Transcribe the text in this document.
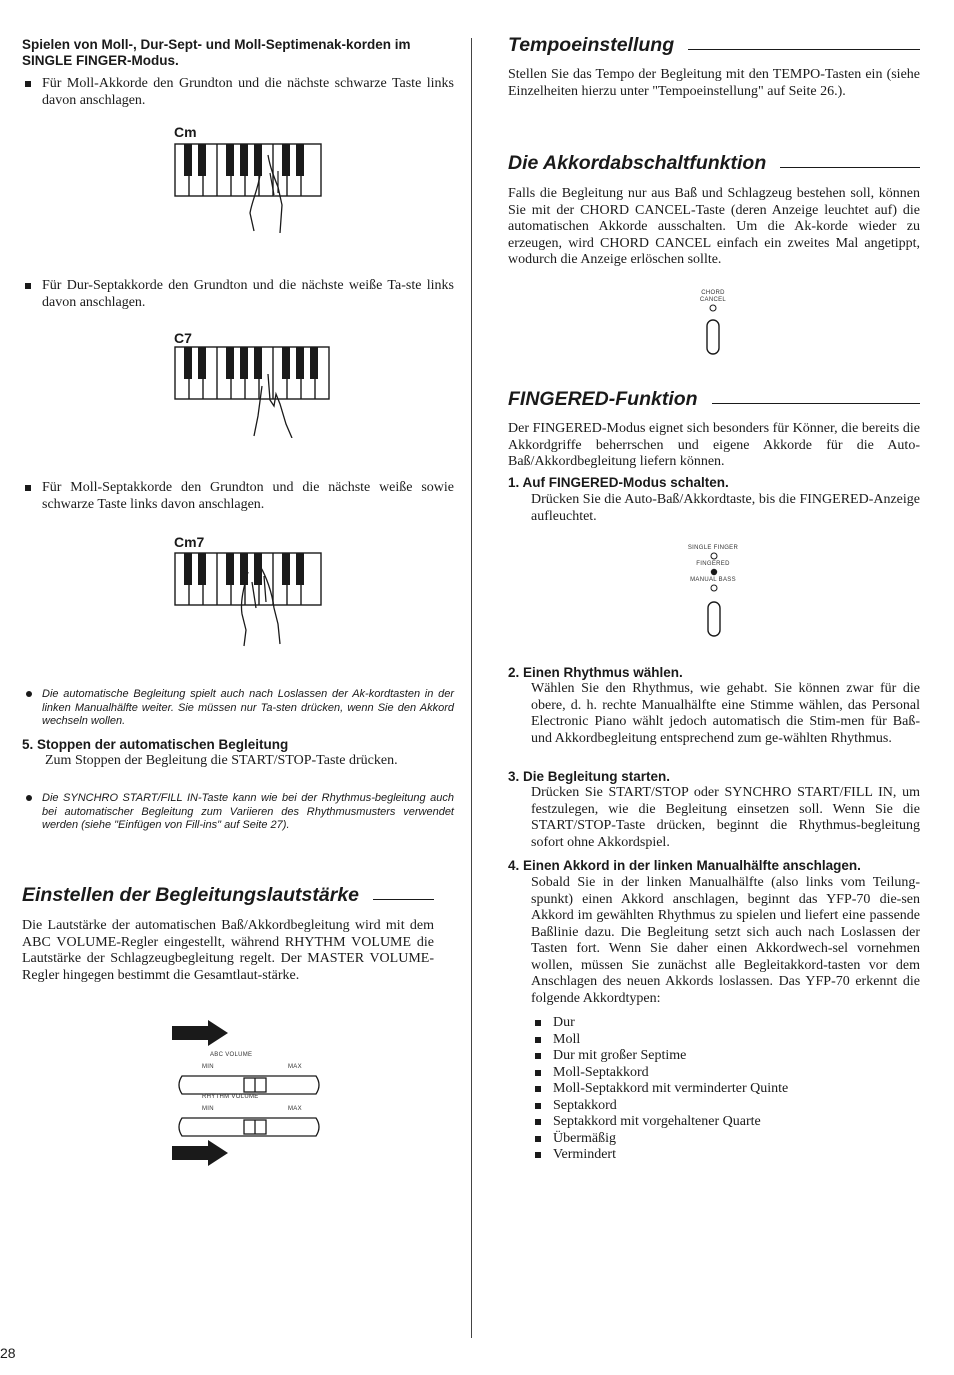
Spielen von Moll-, Dur-Sept- und Moll-Septimenak-korden im SINGLE FINGER-Modus.
Für Moll-Akkorde den Grundton und die nächste schwarze Taste links davon anschlagen.
Cm
Für Dur-Septakkorde den Grundton und die nächste weiße Ta-ste links davon anschlagen.
C7
Für Moll-Septakkorde den Grundton und die nächste weiße sowie schwarze Taste links davon anschlagen.
Cm7
Die automatische Begleitung spielt auch nach Loslassen der Ak-kordtasten in der linken Manualhälfte weiter. Sie müssen nur Ta-sten drücken, wenn Sie den Akkord wechseln wollen.
5. Stoppen der automatischen Begleitung
Zum Stoppen der Begleitung die START/STOP-Taste drücken.
Die SYNCHRO START/FILL IN-Taste kann wie bei der Rhythmus-begleitung auch bei automatischer Begleitung zum Variieren des Rhythmusmusters verwendet werden (siehe "Einfügen von Fill-ins" auf Seite 27).
Einstellen der Begleitungslautstärke
Die Lautstärke der automatischen Baß/Akkordbegleitung wird mit dem ABC VOLUME-Regler eingestellt, während RHYTHM VOLUME die Lautstärke der Schlagzeugbegleitung regelt. Der MASTER VOLUME-Regler hingegen bestimmt die Gesamtlaut-stärke.
ABC VOLUME
MIN	MAX
RHYTHM VOLUME
MIN	MAX
Tempoeinstellung
Stellen Sie das Tempo der Begleitung mit den TEMPO-Tasten ein (siehe Einzelheiten hierzu unter "Tempoeinstellung" auf Seite 26.).
Die Akkordabschaltfunktion
Falls die Begleitung nur aus Baß und Schlagzeug bestehen soll, können Sie mit der CHORD CANCEL-Taste (deren Anzeige leuchtet auf) die automatischen Akkorde ausschalten. Um die Ak-korde wieder zu erzeugen, wird CHORD CANCEL einfach ein zweites Mal angetippt, wodurch die Anzeige erlöschen sollte.
CHORD
CANCEL
FINGERED-Funktion
Der FINGERED-Modus eignet sich besonders für Könner, die bereits die Akkordgriffe beherrschen und eigene Akkorde für die Auto-Baß/Akkordbegleitung liefern können.
1. Auf FINGERED-Modus schalten.
Drücken Sie die Auto-Baß/Akkordtaste, bis die FINGERED-Anzeige aufleuchtet.
SINGLE FINGER
FINGERED
MANUAL BASS
2. Einen Rhythmus wählen.
Wählen Sie den Rhythmus, wie gehabt. Sie können zwar für die obere, d. h. rechte Manualhälfte eine Stimme wählen, das Personal Electronic Piano wählt jedoch automatisch die Stim-men für Baß- und Akkordbegleitung entsprechend zum ge-wählten Rhythmus.
3. Die Begleitung starten.
Drücken Sie START/STOP oder SYNCHRO START/FILL IN, um festzulegen, wie die Begleitung einsetzen soll. Wenn Sie die START/STOP-Taste drücken, beginnt die Rhythmus-begleitung sofort ohne Akkordspiel.
4. Einen Akkord in der linken Manualhälfte anschlagen.
Sobald Sie in der linken Manualhälfte (also links vom Teilung-spunkt) einen Akkord anschlagen, beginnt das YFP-70 die-sen Akkord im gewählten Rhythmus zu spielen und liefert eine passende Baßlinie dazu. Die Begleitung setzt sich auch nach Loslassen der Tasten fort. Wenn Sie daher einen Akkordwech-sel vornehmen wollen, müssen Sie zunächst alle Begleitakkord-tasten vor dem Anschlagen des neuen Akkords loslassen. Das YFP-70 erkennt die folgende Akkordtypen:
Dur
Moll
Dur mit großer Septime
Moll-Septakkord
Moll-Septakkord mit verminderter Quinte
Septakkord
Septakkord mit vorgehaltener Quarte
Übermäßig
Vermindert
28
